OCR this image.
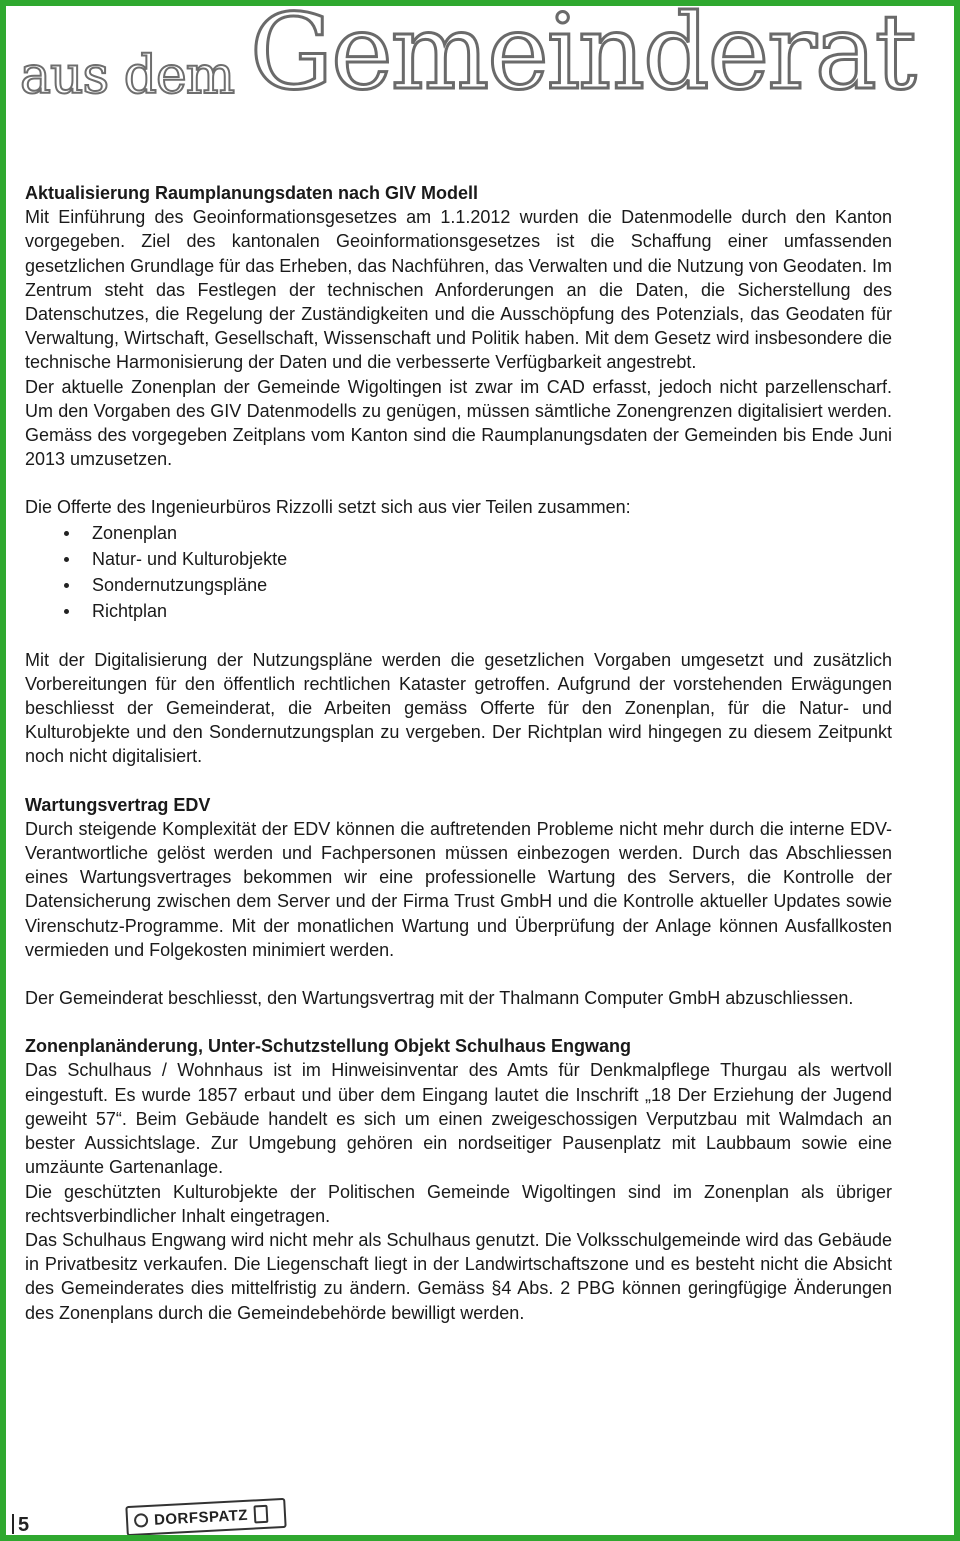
aus dem Gemeinderat
Aktualisierung Raumplanungsdaten nach GIV Modell

Mit Einführung des Geoinformationsgesetzes am 1.1.2012 wurden die Datenmodelle durch den Kanton vorgegeben. Ziel des kantonalen Geoinformationsgesetzes ist die Schaffung einer umfassenden gesetzlichen Grundlage für das Erheben, das Nachführen, das Verwalten und die Nutzung von Geodaten. Im Zentrum steht das Festlegen der technischen Anforderungen an die Daten, die Sicherstellung des Datenschutzes, die Regelung der Zuständigkeiten und die Ausschöpfung des Potenzials, das Geodaten für Verwaltung, Wirtschaft, Gesellschaft, Wissenschaft und Politik haben. Mit dem Gesetz wird insbesondere die technische Harmonisierung der Daten und die verbesserte Verfügbarkeit angestrebt.

Der aktuelle Zonenplan der Gemeinde Wigoltingen ist zwar im CAD erfasst, jedoch nicht parzellenscharf. Um den Vorgaben des GIV Datenmodells zu genügen, müssen sämtliche Zonengrenzen digitalisiert werden. Gemäss des vorgegeben Zeitplans vom Kanton sind die Raumplanungsdaten der Gemeinden bis Ende Juni 2013 umzusetzen.

Die Offerte des Ingenieurbüros Rizzolli setzt sich aus vier Teilen zusammen:

Zonenplan
Natur- und Kulturobjekte
Sondernutzungspläne
Richtplan

Mit der Digitalisierung der Nutzungspläne werden die gesetzlichen Vorgaben umgesetzt und zusätzlich Vorbereitungen für den öffentlich rechtlichen Kataster getroffen. Aufgrund der vorstehenden Erwägungen beschliesst der Gemeinderat, die Arbeiten gemäss Offerte für den Zonenplan, für die Natur- und Kulturobjekte und den Sondernutzungsplan zu vergeben. Der Richtplan wird hingegen zu diesem Zeitpunkt noch nicht digitalisiert.

Wartungsvertrag EDV

Durch steigende Komplexität der EDV können die auftretenden Probleme nicht mehr durch die interne EDV-Verantwortliche gelöst werden und Fachpersonen müssen einbezogen werden. Durch das Abschliessen eines Wartungsvertrages bekommen wir eine professionelle Wartung des Servers, die Kontrolle der Datensicherung zwischen dem Server und der Firma Trust GmbH und die Kontrolle aktueller Updates sowie Virenschutz-Programme. Mit der monatlichen Wartung und Überprüfung der Anlage können Ausfallkosten vermieden und Folgekosten minimiert werden.

Der Gemeinderat beschliesst, den Wartungsvertrag mit der Thalmann Computer GmbH abzuschliessen.

Zonenplanänderung, Unter-Schutzstellung Objekt Schulhaus Engwang

Das Schulhaus / Wohnhaus ist im Hinweisinventar des Amts für Denkmalpflege Thurgau als wertvoll eingestuft. Es wurde 1857 erbaut und über dem Eingang lautet die Inschrift „18 Der Erziehung der Jugend geweiht 57“. Beim Gebäude handelt es sich um einen zweigeschossigen Verputzbau mit Walmdach an bester Aussichtslage. Zur Umgebung gehören ein nordseitiger Pausenplatz mit Laubbaum sowie eine umzäunte Gartenanlage.

Die geschützten Kulturobjekte der Politischen Gemeinde Wigoltingen sind im Zonenplan als übriger rechtsverbindlicher Inhalt eingetragen.

Das Schulhaus Engwang wird nicht mehr als Schulhaus genutzt. Die Volksschulgemeinde wird das Gebäude in Privatbesitz verkaufen. Die Liegenschaft liegt in der Landwirtschaftszone und es besteht nicht die Absicht des Gemeinderates dies mittelfristig zu ändern. Gemäss §4 Abs. 2 PBG können geringfügige Änderungen des Zonenplans durch die Gemeindebehörde bewilligt werden.

5	DORFSPATZ
